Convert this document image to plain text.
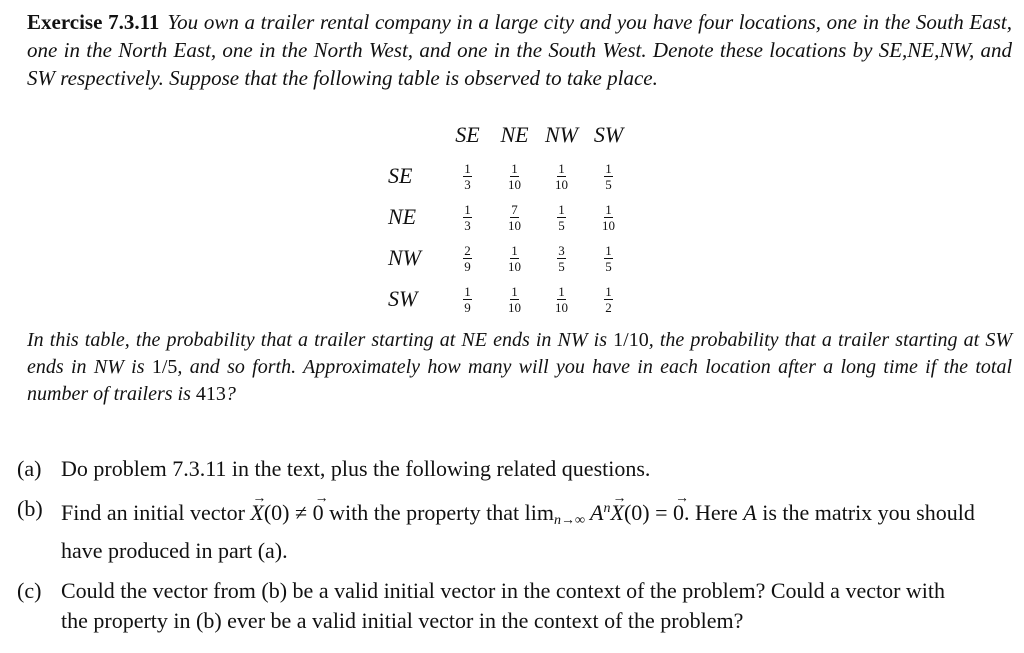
Exercise 7.3.11 You own a trailer rental company in a large city and you have four locations, one in the South East, one in the North East, one in the North West, and one in the South West. Denote these locations by SE,NE,NW, and SW respectively. Suppose that the following table is observed to take place.

	SE	NE	NW	SW
SE	$\frac{1}{3}$	$\frac{1}{10}$	$\frac{1}{10}$	$\frac{1}{5}$

NE	$\frac{1}{3}$	$\frac{7}{10}$	$\frac{1}{5}$	$\frac{1}{10}$

NW	$\frac{2}{9}$	$\frac{1}{10}$	$\frac{3}{5}$	$\frac{1}{5}$

SW	$\frac{1}{9}$	$\frac{1}{10}$	$\frac{1}{10}$	$\frac{1}{2}$

In this table, the probability that a trailer starting at NE ends in NW is 1/10, the probability that a trailer starting at SW ends in NW is 1/5, and so forth. Approximately how many will you have in each location after a long time if the total number of trailers is 413?

(a) Do problem 7.3.11 in the text, plus the following related questions.
(b) Find an initial vector → X(0) ≠ → 0 with the property that $\lim_{n\to\infty} A^n\to X(0)$ = → 0. Here A is the matrix you should have produced in part (a).
(c) Could the vector from (b) be a valid initial vector in the context of the problem? Could a vector with the property in (b) ever be a valid initial vector in the context of the problem?
